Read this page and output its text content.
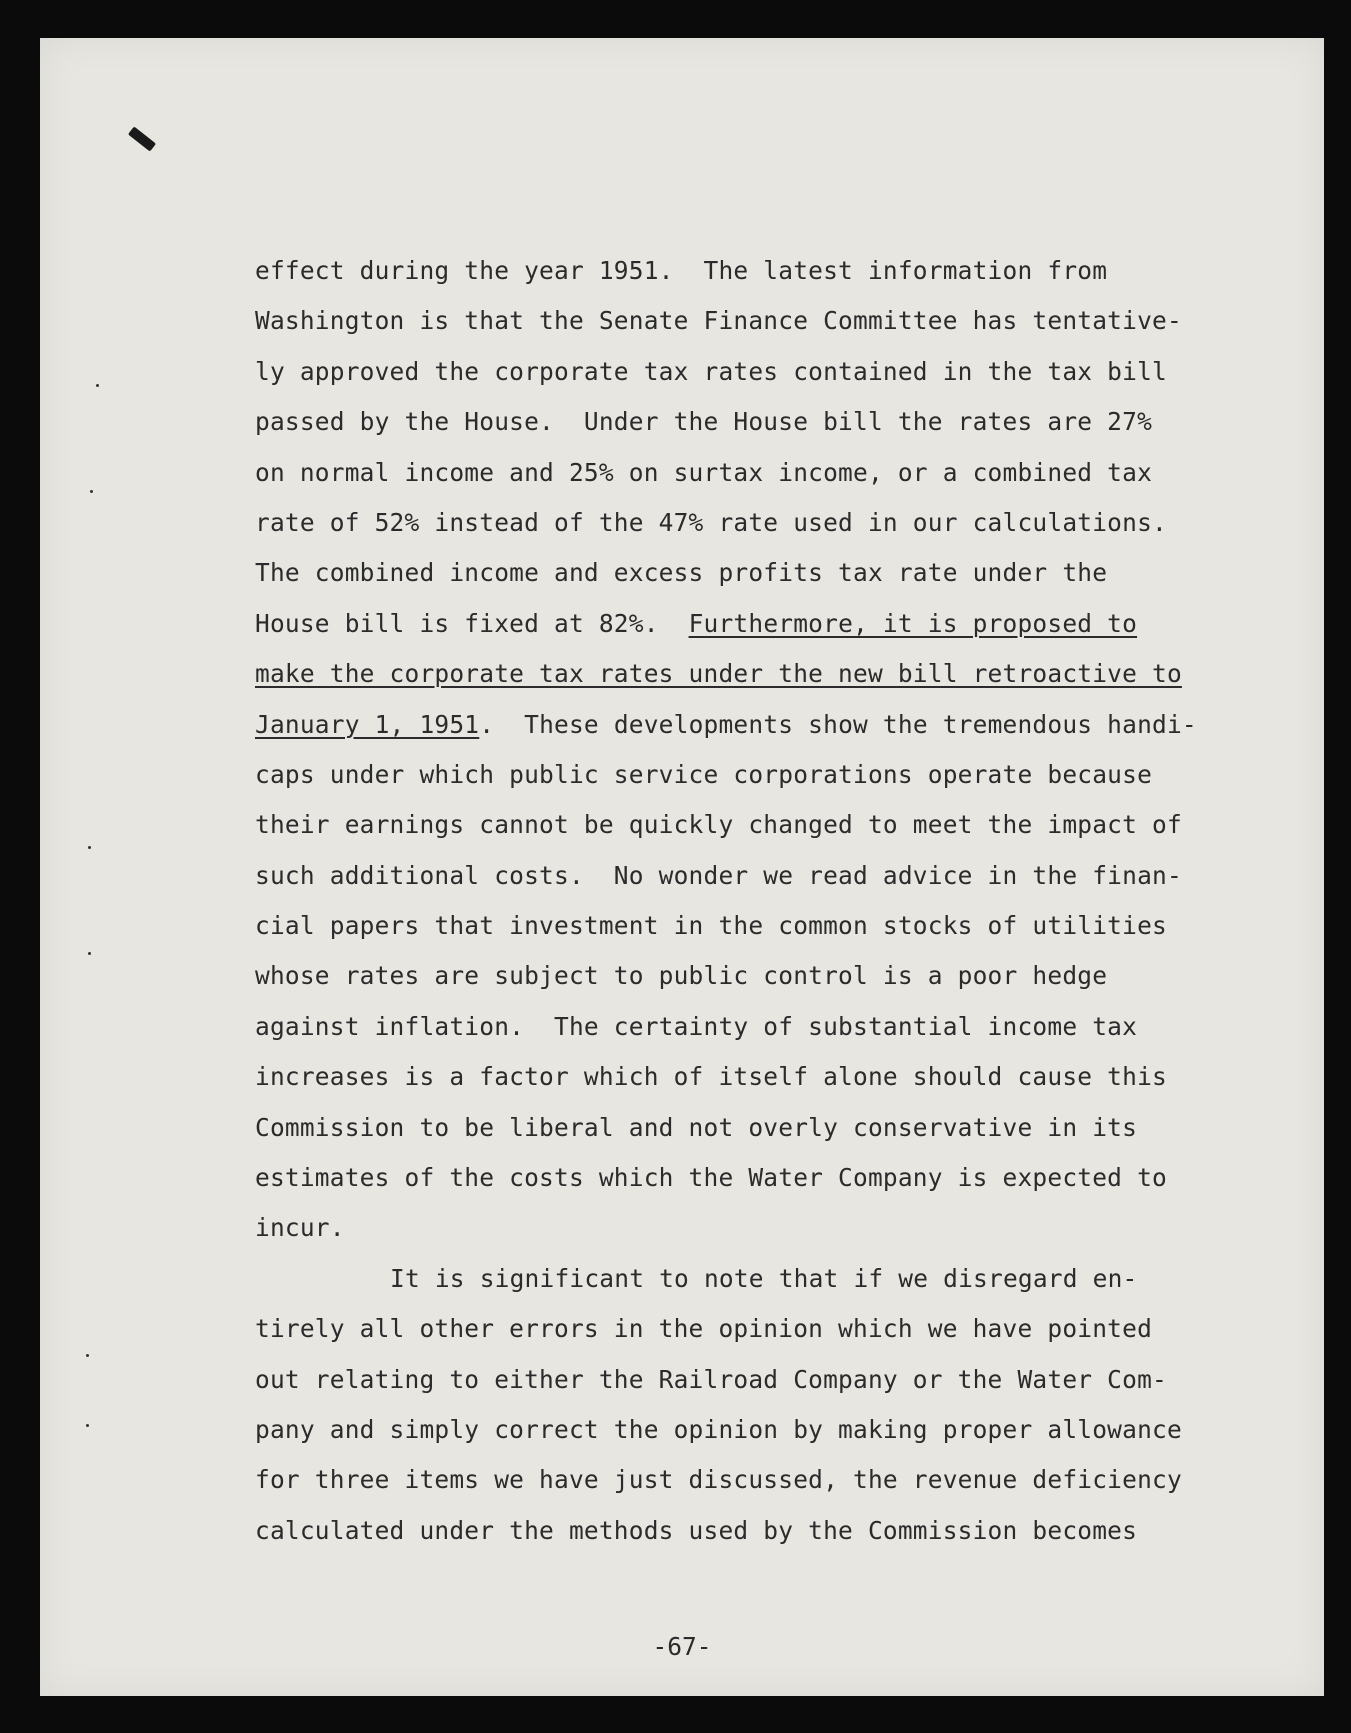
effect during the year 1951.  The latest information from
Washington is that the Senate Finance Committee has tentative-
ly approved the corporate tax rates contained in the tax bill
passed by the House.  Under the House bill the rates are 27%
on normal income and 25% on surtax income, or a combined tax
rate of 52% instead of the 47% rate used in our calculations.
The combined income and excess profits tax rate under the
House bill is fixed at 82%.  Furthermore, it is proposed to
make the corporate tax rates under the new bill retroactive to
January 1, 1951.  These developments show the tremendous handi-
caps under which public service corporations operate because
their earnings cannot be quickly changed to meet the impact of
such additional costs.  No wonder we read advice in the finan-
cial papers that investment in the common stocks of utilities
whose rates are subject to public control is a poor hedge
against inflation.  The certainty of substantial income tax
increases is a factor which of itself alone should cause this
Commission to be liberal and not overly conservative in its
estimates of the costs which the Water Company is expected to
incur.
It is significant to note that if we disregard en-
tirely all other errors in the opinion which we have pointed
out relating to either the Railroad Company or the Water Com-
pany and simply correct the opinion by making proper allowance
for three items we have just discussed, the revenue deficiency
calculated under the methods used by the Commission becomes
-67-
